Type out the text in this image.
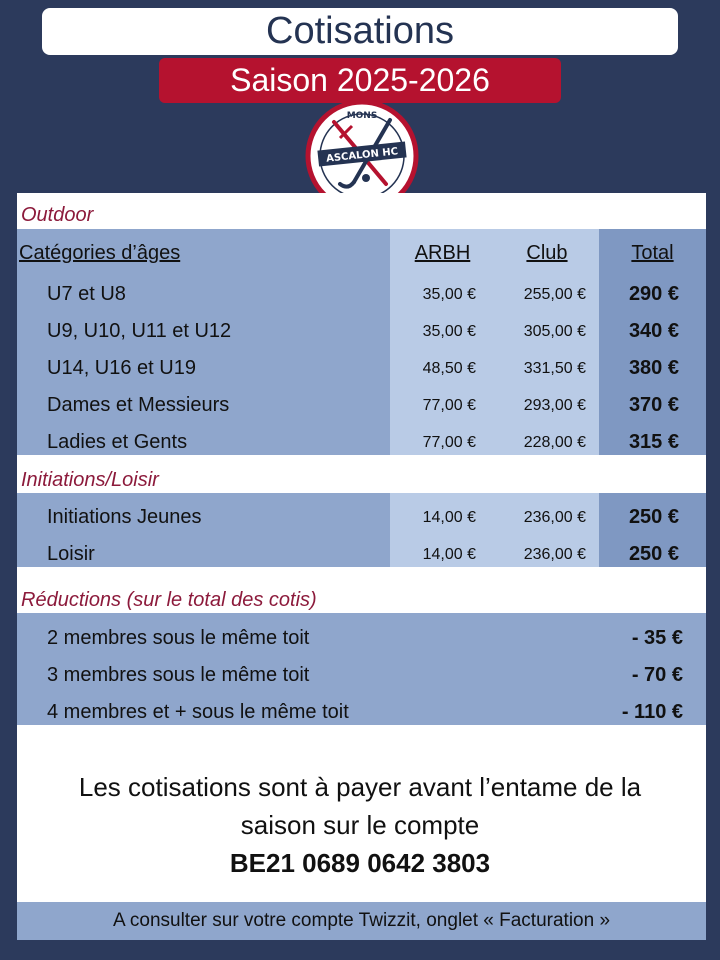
Cotisations
Saison 2025-2026
ASCALON HC
MONS
Outdoor
Catégories d’âges	ARBH	Club	Total
U7 et U8	35,00 €	255,00 €	290 €
U9, U10, U11 et U12	35,00 €	305,00 €	340 €
U14, U16 et U19	48,50 €	331,50 €	380 €
Dames et Messieurs	77,00 €	293,00 €	370 €
Ladies et Gents	77,00 €	228,00 €	315 €
Initiations/Loisir
Initiations Jeunes	14,00 €	236,00 €	250 €
Loisir	14,00 €	236,00 €	250 €
Réductions (sur le total des cotis)
2 membres sous le même toit	- 35 €
3 membres sous le même toit	- 70 €
4 membres et + sous le même toit	- 110 €
Les cotisations sont à payer avant l’entame de la
saison sur le compte
BE21 0689 0642 3803
A consulter sur votre compte Twizzit, onglet « Facturation »
